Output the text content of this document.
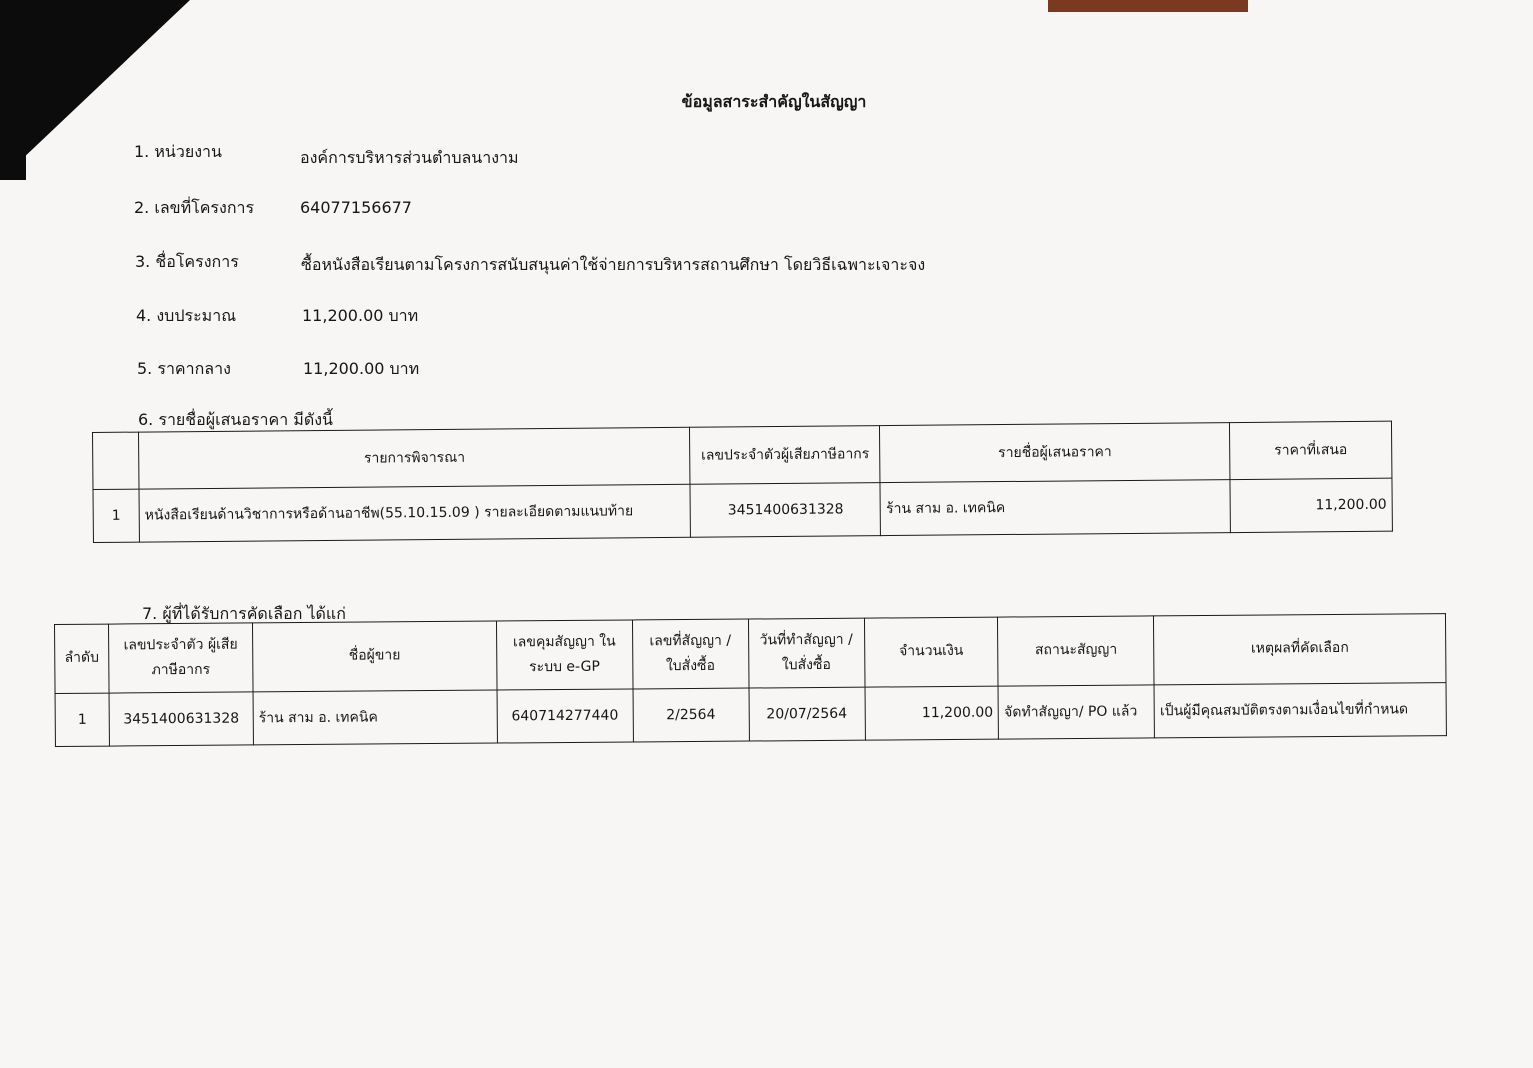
ข้อมูลสาระสำคัญในสัญญา
1. หน่วยงาน	องค์การบริหารส่วนตำบลนางาม
2. เลขที่โครงการ	64077156677
3. ชื่อโครงการ	ซื้อหนังสือเรียนตามโครงการสนับสนุนค่าใช้จ่ายการบริหารสถานศึกษา โดยวิธีเฉพาะเจาะจง
4. งบประมาณ	11,200.00 บาท
5. ราคากลาง	11,200.00 บาท
6. รายชื่อผู้เสนอราคา มีดังนี้
7. ผู้ที่ได้รับการคัดเลือก ได้แก่
	รายการพิจารณา	เลขประจำตัวผู้เสียภาษีอากร	รายชื่อผู้เสนอราคา	ราคาที่เสนอ
1	หนังสือเรียนด้านวิชาการหรือด้านอาชีพ(55.10.15.09 ) รายละเอียดตามแนบท้าย	3451400631328	ร้าน สาม อ. เทคนิค	11,200.00
ลำดับ	เลขประจำตัว ผู้เสียภาษีอากร	ชื่อผู้ขาย	เลขคุมสัญญา ในระบบ e-GP	เลขที่สัญญา / ใบสั่งซื้อ	วันที่ทำสัญญา / ใบสั่งซื้อ	จำนวนเงิน	สถานะสัญญา	เหตุผลที่คัดเลือก
1	3451400631328	ร้าน สาม อ. เทคนิค	640714277440	2/2564	20/07/2564	11,200.00	จัดทำสัญญา/ PO แล้ว	เป็นผู้มีคุณสมบัติตรงตามเงื่อนไขที่กำหนด
